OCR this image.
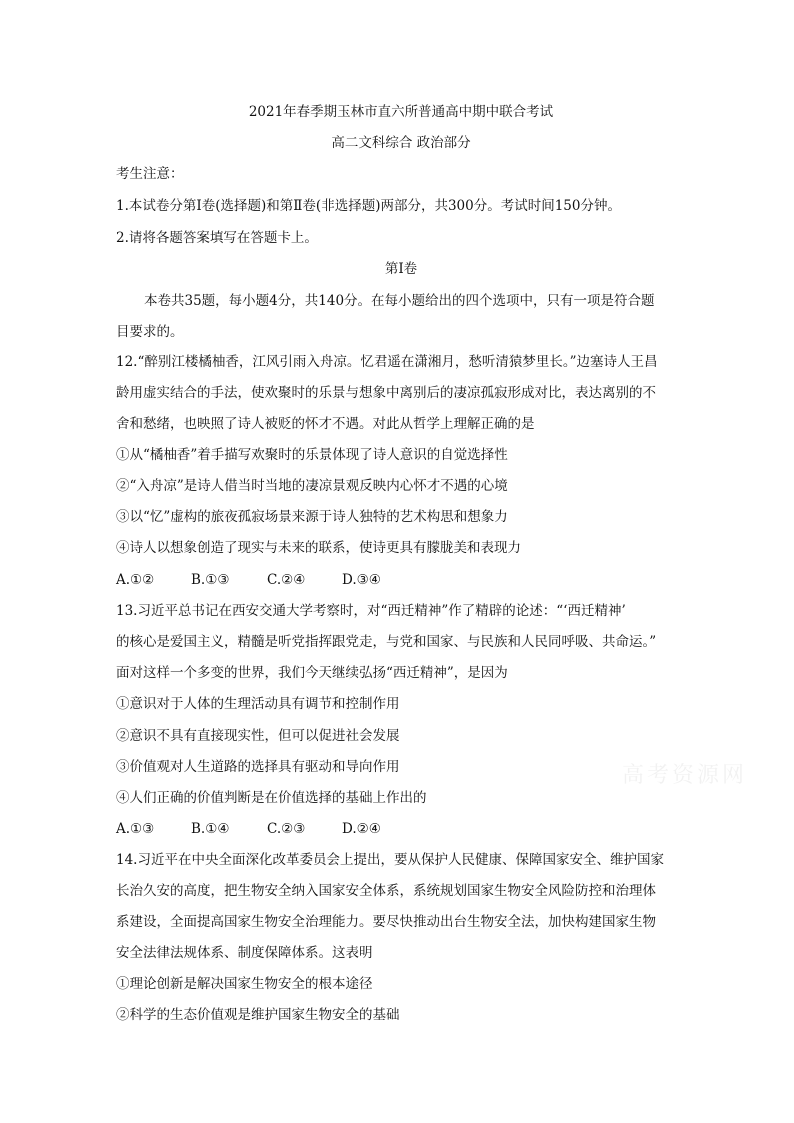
2021年春季期玉林市直六所普通高中期中联合考试
高二文科综合 政治部分
考生注意：
1.本试卷分第Ⅰ卷(选择题)和第Ⅱ卷(非选择题)两部分，共300分。考试时间150分钟。
2.请将各题答案填写在答题卡上。
第Ⅰ卷
本卷共35题，每小题4分，共140分。在每小题给出的四个选项中，只有一项是符合题
目要求的。
12.“醉别江楼橘柚香，江风引雨入舟凉。忆君遥在潇湘月，愁听清猿梦里长。”边塞诗人王昌
龄用虚实结合的手法，使欢聚时的乐景与想象中离别后的凄凉孤寂形成对比，表达离别的不
舍和愁绪，也映照了诗人被贬的怀才不遇。对此从哲学上理解正确的是
①从“橘柚香”着手描写欢聚时的乐景体现了诗人意识的自觉选择性
②“入舟凉”是诗人借当时当地的凄凉景观反映内心怀才不遇的心境
③以“忆”虚构的旅夜孤寂场景来源于诗人独特的艺术构思和想象力
④诗人以想象创造了现实与未来的联系，使诗更具有朦胧美和表现力
A.①②	B.①③	C.②④	D.③④
13.习近平总书记在西安交通大学考察时，对“西迁精神”作了精辟的论述：“‘西迁精神’
的核心是爱国主义，精髓是听党指挥跟党走，与党和国家、与民族和人民同呼吸、共命运。”
面对这样一个多变的世界，我们今天继续弘扬“西迁精神”，是因为
①意识对于人体的生理活动具有调节和控制作用
②意识不具有直接现实性，但可以促进社会发展
③价值观对人生道路的选择具有驱动和导向作用
④人们正确的价值判断是在价值选择的基础上作出的
A.①③	B.①④	C.②③	D.②④
14.习近平在中央全面深化改革委员会上提出，要从保护人民健康、保障国家安全、维护国家
长治久安的高度，把生物安全纳入国家安全体系，系统规划国家生物安全风险防控和治理体
系建设，全面提高国家生物安全治理能力。要尽快推动出台生物安全法，加快构建国家生物
安全法律法规体系、制度保障体系。这表明
①理论创新是解决国家生物安全的根本途径
②科学的生态价值观是维护国家生物安全的基础
高考资源网
